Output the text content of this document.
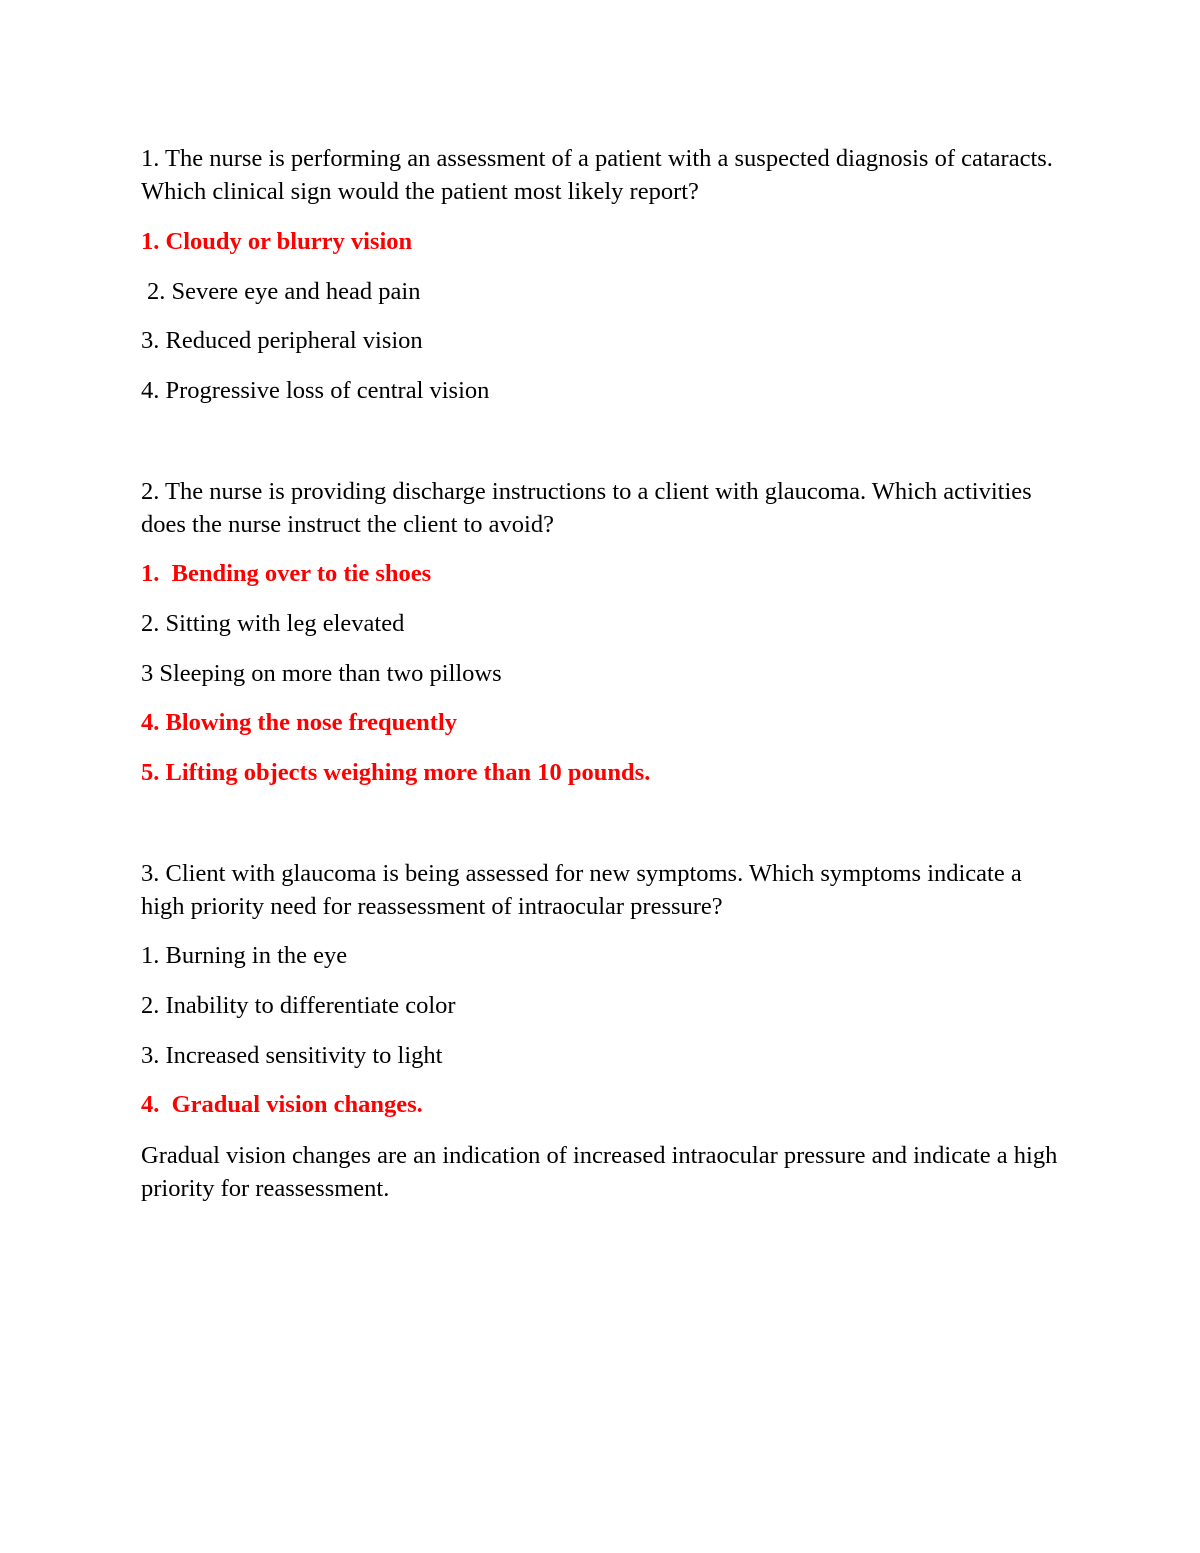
1. The nurse is performing an assessment of a patient with a suspected diagnosis of cataracts. Which clinical sign would the patient most likely report?
1. Cloudy or blurry vision
2. Severe eye and head pain
3. Reduced peripheral vision
4. Progressive loss of central vision
2. The nurse is providing discharge instructions to a client with glaucoma. Which activities does the nurse instruct the client to avoid?
1.  Bending over to tie shoes
2. Sitting with leg elevated
3 Sleeping on more than two pillows
4. Blowing the nose frequently
5. Lifting objects weighing more than 10 pounds.
3. Client with glaucoma is being assessed for new symptoms. Which symptoms indicate a high priority need for reassessment of intraocular pressure?
1. Burning in the eye
2. Inability to differentiate color
3. Increased sensitivity to light
4.  Gradual vision changes.
Gradual vision changes are an indication of increased intraocular pressure and indicate a high priority for reassessment.
